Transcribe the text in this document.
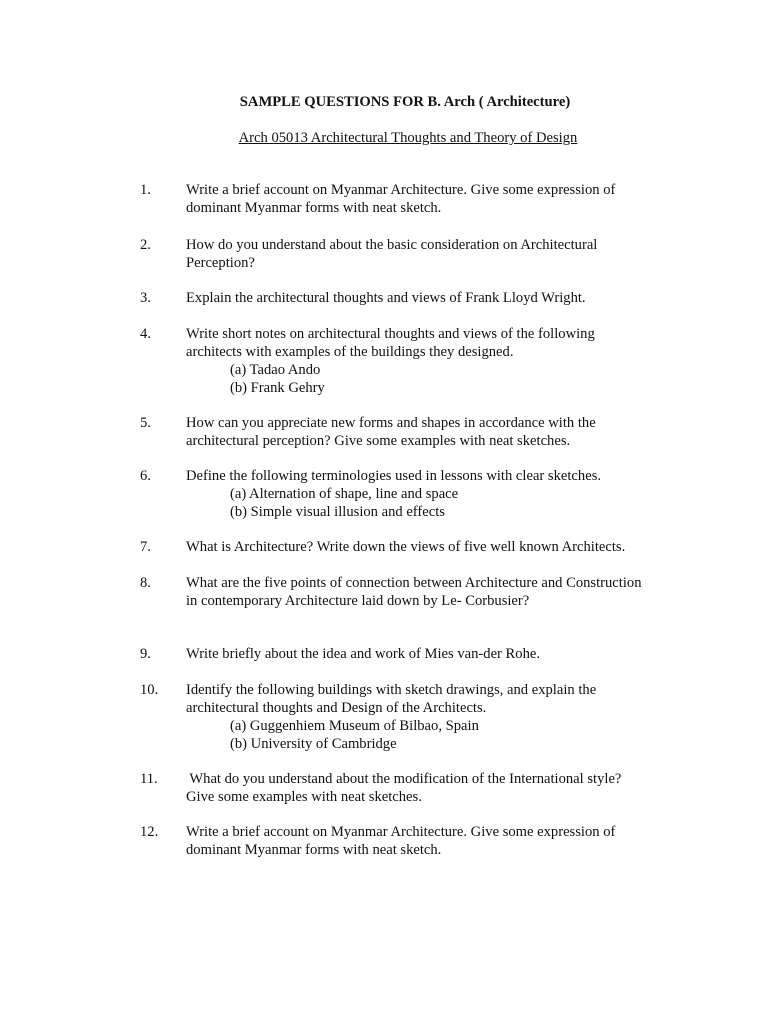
SAMPLE QUESTIONS FOR B. Arch ( Architecture)
Arch 05013 Architectural Thoughts and Theory of Design
1.	Write a brief account on Myanmar Architecture. Give some expression of
dominant Myanmar forms with neat sketch.
2.	How do you understand about the basic consideration on Architectural
Perception?
3.	Explain the architectural thoughts and views of Frank Lloyd Wright.
4.	Write short notes on architectural thoughts and views of the following
architects with examples of the buildings they designed.
(a) Tadao Ando
(b) Frank Gehry
5.	How can you appreciate new forms and shapes in accordance with the
architectural perception? Give some examples with neat sketches.
6.	Define the following terminologies used in lessons with clear sketches.
(a) Alternation of shape, line and space
(b) Simple visual illusion and effects
7.	What is Architecture? Write down the views of five well known Architects.
8.	What are the five points of connection between Architecture and Construction
in contemporary Architecture laid down by Le- Corbusier?
9.	Write briefly about the idea and work of Mies van-der Rohe.
10.	Identify the following buildings with sketch drawings, and explain the
architectural thoughts and Design of the Architects.
(a) Guggenhiem Museum of Bilbao, Spain
(b) University of Cambridge
11.	What do you understand about the modification of the International style?
Give some examples with neat sketches.
12.	Write a brief account on Myanmar Architecture. Give some expression of
dominant Myanmar forms with neat sketch.
